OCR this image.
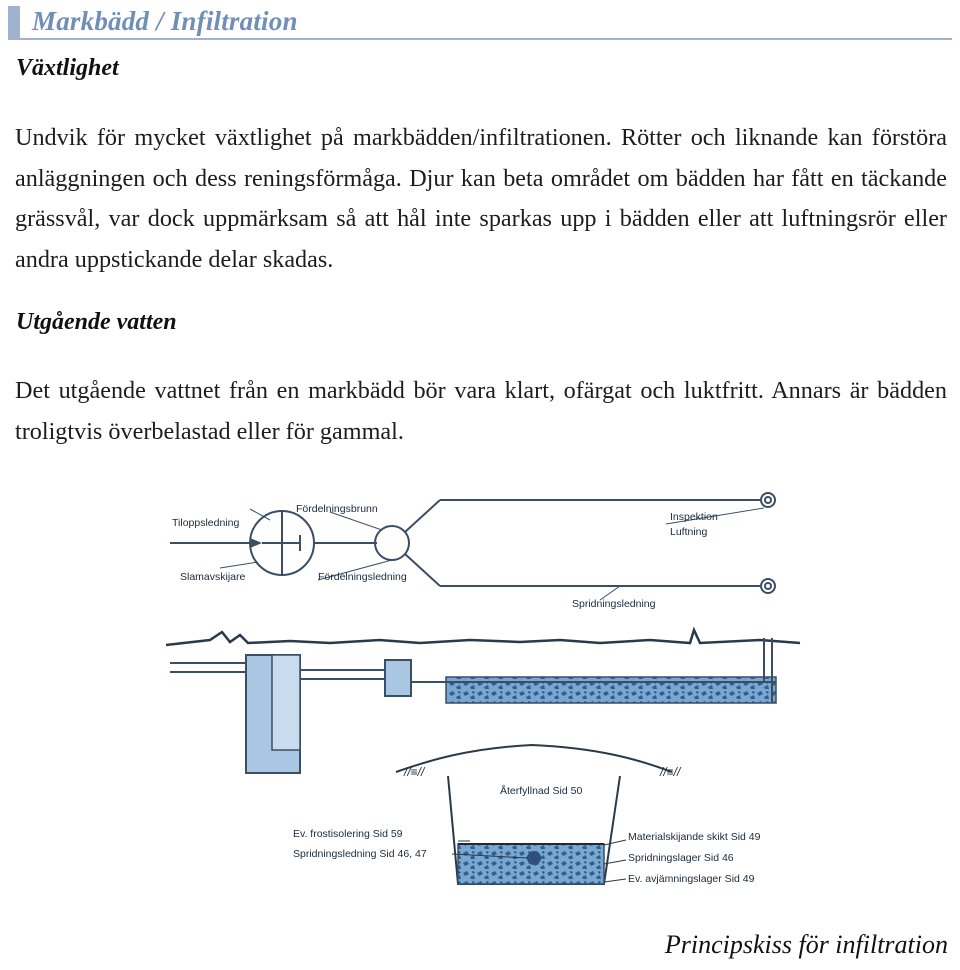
Markbädd / Infiltration
Växtlighet

Undvik för mycket växtlighet på markbädden/infiltrationen. Rötter och liknande kan förstöra anläggningen och dess reningsförmåga. Djur kan beta området om bädden har fått en täckande grässvål, var dock uppmärksam så att hål inte sparkas upp i bädden eller att luftningsrör eller andra uppstickande delar skadas.

Utgående vatten

Det utgående vattnet från en markbädd bör vara klart, ofärgat och luktfritt. Annars är bädden troligtvis överbelastad eller för gammal.

Tiloppsledning
Slamavskijare
Fördelningsbrunn
Fördelningsledning
Inspektion
Luftning
Spridningsledning
//≡//	//≡//
Återfyllnad Sid 50
Ev. frostisolering Sid 59
Spridningsledning Sid 46, 47
Materialskijande skikt Sid 49
Spridningslager Sid 46
Ev. avjämningslager Sid 49
Principskiss för infiltration
